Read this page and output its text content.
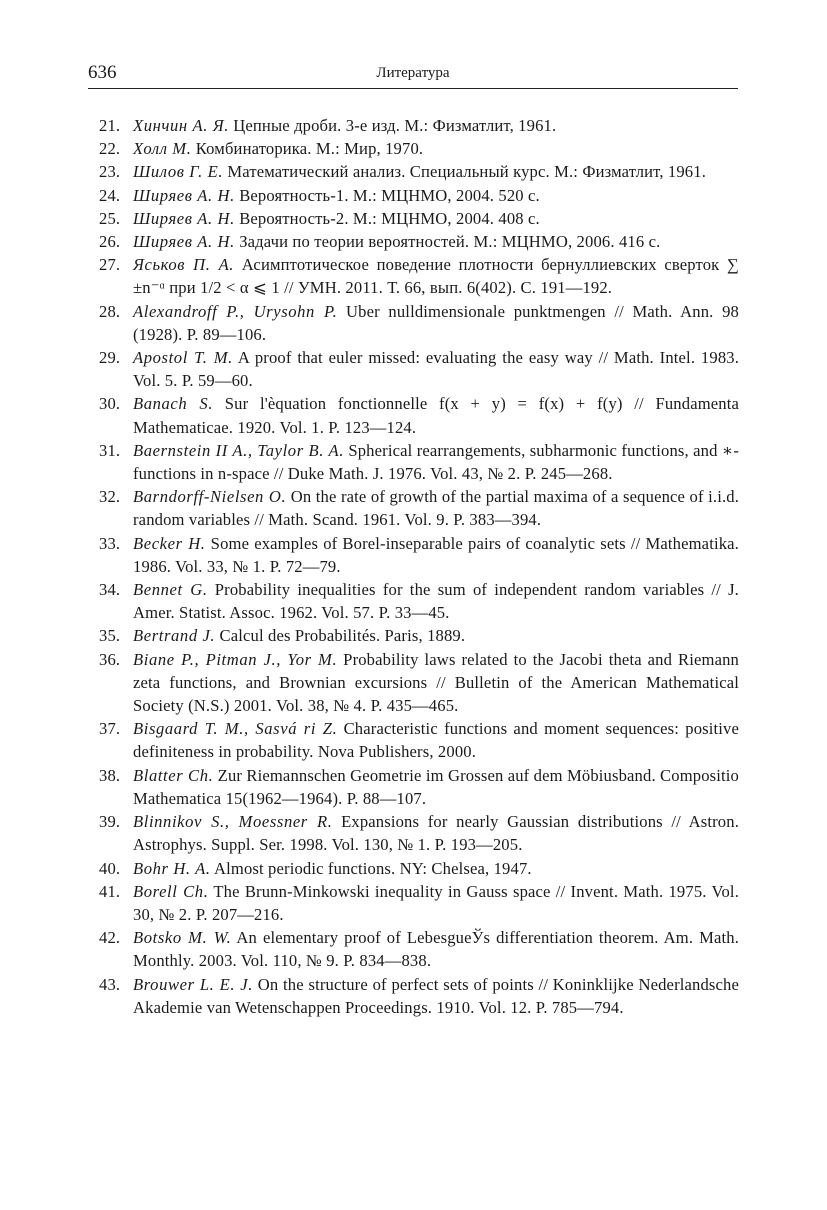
636	Литература
21. Хинчин А. Я. Цепные дроби. 3-е изд. М.: Физматлит, 1961.
22. Холл М. Комбинаторика. М.: Мир, 1970.
23. Шилов Г. Е. Математический анализ. Специальный курс. М.: Физматлит, 1961.
24. Ширяев А. Н. Вероятность-1. М.: МЦНМО, 2004. 520 с.
25. Ширяев А. Н. Вероятность-2. М.: МЦНМО, 2004. 408 с.
26. Ширяев А. Н. Задачи по теории вероятностей. М.: МЦНМО, 2006. 416 с.
27. Яськов П. А. Асимптотическое поведение плотности бернуллиевских сверток ∑ ±n⁻ᵅ при 1/2 < α ⩽ 1 // УМН. 2011. Т. 66, вып. 6(402). С. 191—192.
28. Alexandroff P., Urysohn P. Uber nulldimensionale punktmengen // Math. Ann. 98 (1928). P. 89—106.
29. Apostol T. M. A proof that euler missed: evaluating the easy way // Math. Intel. 1983. Vol. 5. P. 59—60.
30. Banach S. Sur l'èquation fonctionnelle f(x + y) = f(x) + f(y) // Fundamenta Mathematicae. 1920. Vol. 1. P. 123—124.
31. Baernstein II A., Taylor B. A. Spherical rearrangements, subharmonic functions, and ∗-functions in n-space // Duke Math. J. 1976. Vol. 43, № 2. P. 245—268.
32. Barndorff-Nielsen O. On the rate of growth of the partial maxima of a sequence of i.i.d. random variables // Math. Scand. 1961. Vol. 9. P. 383—394.
33. Becker H. Some examples of Borel-inseparable pairs of coanalytic sets // Mathematika. 1986. Vol. 33, № 1. P. 72—79.
34. Bennet G. Probability inequalities for the sum of independent random variables // J. Amer. Statist. Assoc. 1962. Vol. 57. P. 33—45.
35. Bertrand J. Calcul des Probabilités. Paris, 1889.
36. Biane P., Pitman J., Yor M. Probability laws related to the Jacobi theta and Riemann zeta functions, and Brownian excursions // Bulletin of the American Mathematical Society (N.S.) 2001. Vol. 38, № 4. P. 435—465.
37. Bisgaard T. M., Sasvá ri Z. Characteristic functions and moment sequences: positive definiteness in probability. Nova Publishers, 2000.
38. Blatter Ch. Zur Riemannschen Geometrie im Grossen auf dem Möbiusband. Compositio Mathematica 15(1962—1964). P. 88—107.
39. Blinnikov S., Moessner R. Expansions for nearly Gaussian distributions // Astron. Astrophys. Suppl. Ser. 1998. Vol. 130, № 1. P. 193—205.
40. Bohr H. A. Almost periodic functions. NY: Chelsea, 1947.
41. Borell Ch. The Brunn-Minkowski inequality in Gauss space // Invent. Math. 1975. Vol. 30, № 2. P. 207—216.
42. Botsko M. W. An elementary proof of LebesgueЎs differentiation theorem. Am. Math. Monthly. 2003. Vol. 110, № 9. P. 834—838.
43. Brouwer L. E. J. On the structure of perfect sets of points // Koninklijke Nederlandsche Akademie van Wetenschappen Proceedings. 1910. Vol. 12. P. 785—794.
